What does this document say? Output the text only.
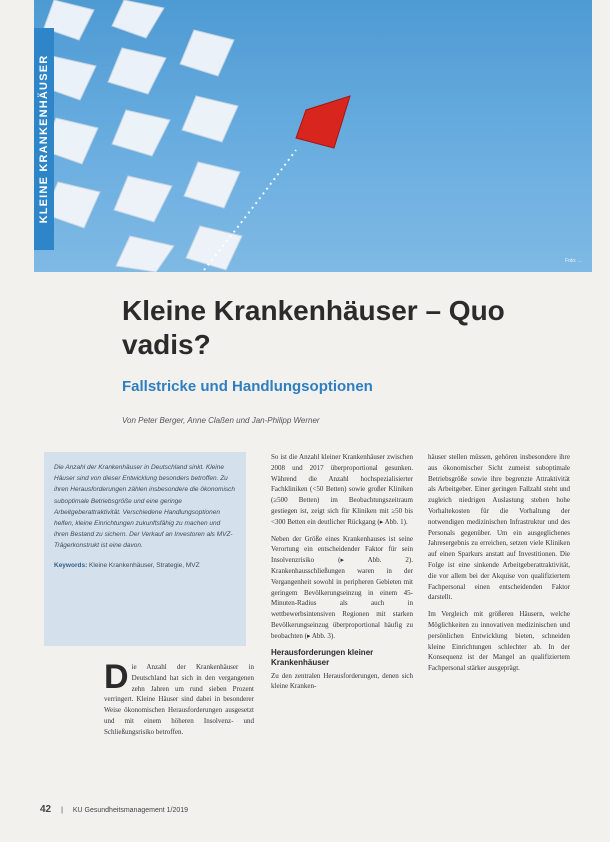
Foto: ...
KLEINE KRANKENHÄUSER
Kleine Krankenhäuser – Quo vadis?
Fallstricke und Handlungsoptionen
Von Peter Berger, Anne Claßen und Jan-Philipp Werner

Die Anzahl der Krankenhäuser in Deutschland sinkt. Kleine Häuser sind von dieser Entwicklung besonders betroffen. Zu ihren Herausforderungen zählen insbesondere die ökonomisch suboptimale Betriebsgröße und eine geringe Arbeitgeberattraktivität. Verschiedene Handlungsoptionen helfen, kleine Einrichtungen zukunftsfähig zu machen und ihren Bestand zu sichern. Der Verkauf an Investoren als MVZ-Trägerkonstrukt ist eine davon.

Keywords: Kleine Krankenhäuser, Strategie, MVZ

D ie Anzahl der Krankenhäuser in Deutschland hat sich in den vergangenen zehn Jahren um rund sieben Prozent verringert. Kleine Häuser sind dabei in besonderer Weise ökonomischen Herausforderungen ausgesetzt und mit einem höheren Insolvenz- und Schließungsrisiko betroffen.

So ist die Anzahl kleiner Krankenhäuser zwischen 2008 und 2017 überproportional gesunken. Während die Anzahl hochspezialisierter Fachkliniken (<50 Betten) sowie großer Kliniken (≥500 Betten) im Beobachtungszeitraum gestiegen ist, zeigt sich für Kliniken mit ≥50 bis <300 Betten ein deutlicher Rückgang (▸ Abb. 1).

Neben der Größe eines Krankenhauses ist seine Verortung ein entscheidender Faktor für sein Insolvenzrisiko (▸ Abb. 2). Krankenhausschließungen waren in der Vergangenheit sowohl in peripheren Gebieten mit geringem Bevölkerungseinzug in einem 45-Minuten-Radius als auch in wettbewerbsintensiven Regionen mit starken Bevölkerungseinzug überproportional häufig zu beobachten (▸ Abb. 3).

Herausforderungen kleiner Krankenhäuser

Zu den zentralen Herausforderungen, denen sich kleine Kranken-

häuser stellen müssen, gehören insbesondere ihre aus ökonomischer Sicht zumeist suboptimale Betriebsgröße sowie ihre begrenzte Attraktivität als Arbeitgeber. Einer geringen Fallzahl steht und zugleich niedrigen Auslastung stehen hohe Vorhaltekosten für die Vorhaltung der notwendigen medizinischen Infrastruktur und des Personals gegenüber. Um ein ausgeglichenes Jahresergebnis zu erreichen, setzen viele Kliniken auf einen Sparkurs anstatt auf Investitionen. Die Folge ist eine sinkende Arbeitgeberattraktivität, die vor allem bei der Akquise von qualifiziertem Fachpersonal einen entscheidenden Faktor darstellt.

Im Vergleich mit größeren Häusern, welche Möglichkeiten zu innovativen medizinischen und persönlichen Entwicklung bieten, schneiden kleine Einrichtungen schlechter ab. In der Konsequenz ist der Mangel an qualifiziertem Fachpersonal stärker ausgeprägt.

42 | KU Gesundheitsmanagement 1/2019
